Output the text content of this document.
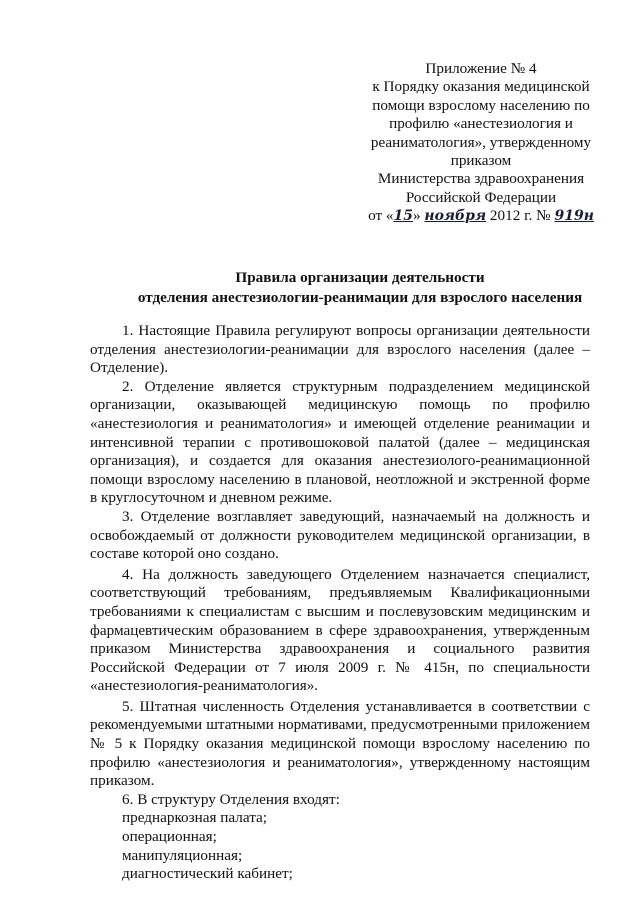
Приложение № 4
к Порядку оказания медицинской
помощи взрослому населению по
профилю «анестезиология и
реаниматология», утвержденному
приказом
Министерства здравоохранения
Российской Федерации
от «15» ноября 2012 г. № 919н
Правила организации деятельности
отделения анестезиологии-реанимации для взрослого населения

1. Настоящие Правила регулируют вопросы организации деятельности отделения анестезиологии-реанимации для взрослого населения (далее – Отделение).

2. Отделение является структурным подразделением медицинской организации, оказывающей медицинскую помощь по профилю «анестезиология и реаниматология» и имеющей отделение реанимации и интенсивной терапии с противошоковой палатой (далее – медицинская организация), и создается для оказания анестезиолого-реанимационной помощи взрослому населению в плановой, неотложной и экстренной форме в круглосуточном и дневном режиме.

3. Отделение возглавляет заведующий, назначаемый на должность и освобождаемый от должности руководителем медицинской организации, в составе которой оно создано.

4. На должность заведующего Отделением назначается специалист, соответствующий требованиям, предъявляемым Квалификационными требованиями к специалистам с высшим и послевузовским медицинским и фармацевтическим образованием в сфере здравоохранения, утвержденным приказом Министерства здравоохранения и социального развития Российской Федерации от 7 июля 2009 г. № 415н, по специальности «анестезиология-реаниматология».

5. Штатная численность Отделения устанавливается в соответствии с рекомендуемыми штатными нормативами, предусмотренными приложением № 5 к Порядку оказания медицинской помощи взрослому населению по профилю «анестезиология и реаниматология», утвержденному настоящим приказом.

6. В структуру Отделения входят:

преднаркозная палата;
операционная;
манипуляционная;
диагностический кабинет;
